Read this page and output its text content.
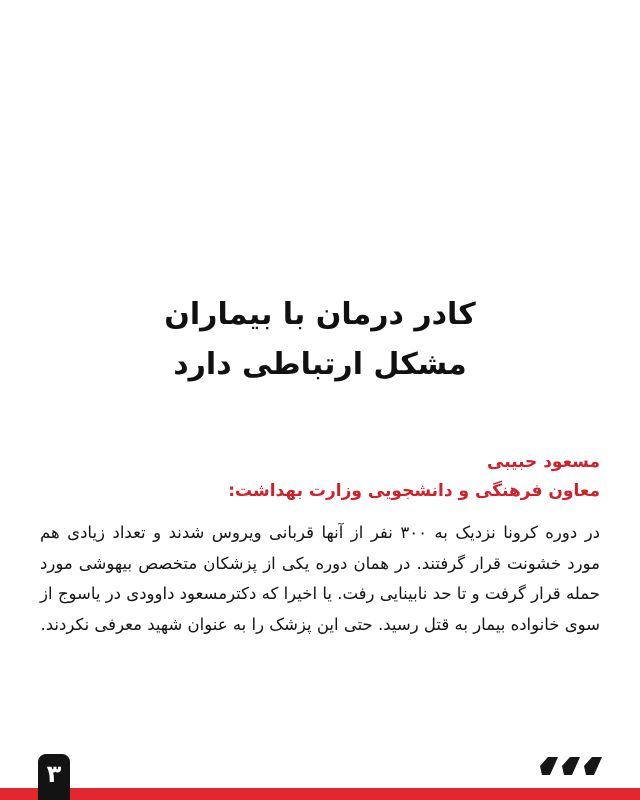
کادر درمان با بیماران
مشکل ارتباطی دارد
مسعود حبیبی
معاون فرهنگی و دانشجویی وزارت بهداشت:

در دوره کرونا نزدیک به ۳۰۰ نفر از آنها قربانی ویروس شدند و تعداد زیادی هم مورد خشونت قرار گرفتند. در همان دوره یکی از پزشکان متخصص بیهوشی مورد حمله قرار گرفت و تا حد نابینایی رفت. یا اخیرا که دکترمسعود داوودی در یاسوج از سوی خانواده بیمار به قتل رسید. حتی این پزشک را به عنوان شهید معرفی نکردند.

۳
